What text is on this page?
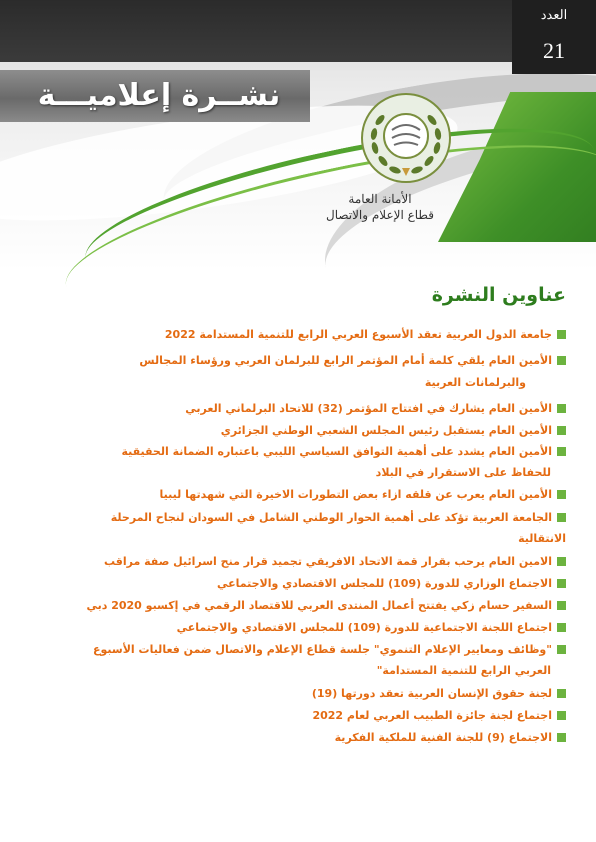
العدد
21
نشــرة إعلاميـــة
الأمانة العامة
قطاع الإعلام والاتصال
عناوين النشرة
جامعة الدول العربية تعقد الأسبوع العربي الرابع للتنمية المستدامة 2022
الأمين العام يلقي كلمة أمام المؤتمر الرابع للبرلمان العربي ورؤساء المجالس
والبرلمانات العربية
الأمين العام يشارك في افتتاح المؤتمر (32) للاتحاد البرلماني العربي
الأمين العام يستقبل رئيس المجلس الشعبي الوطني الجزائري
الأمين العام يشدد على أهمية التوافق السياسي الليبي باعتباره الضمانة الحقيقية
للحفاظ على الاستقرار في البلاد
الأمين العام يعرب عن قلقه ازاء بعض التطورات الاخيرة التي شهدتها ليبيا
الجامعة العربية تؤكد على أهمية الحوار الوطني الشامل في السودان لنجاح المرحلة
الانتقالية
الامين العام يرحب بقرار قمة الاتحاد الافريقي تجميد قرار منح اسرائيل صفة مراقب
الاجتماع الوزاري للدورة (109) للمجلس الاقتصادي والاجتماعي
السفير حسام زكي يفتتح أعمال المنتدى العربي للاقتصاد الرقمي في إكسبو 2020 دبي
اجتماع اللجنة الاجتماعية للدورة (109) للمجلس الاقتصادي والاجتماعي
"وظائف ومعايير الإعلام التنموي" جلسة قطاع الإعلام والاتصال ضمن فعاليات الأسبوع
العربي الرابع للتنمية المستدامة"
لجنة حقوق الإنسان العربية تعقد دورتها (19)
اجتماع لجنة جائزة الطبيب العربي لعام 2022
الاجتماع (9) للجنة الفنية للملكية الفكرية
